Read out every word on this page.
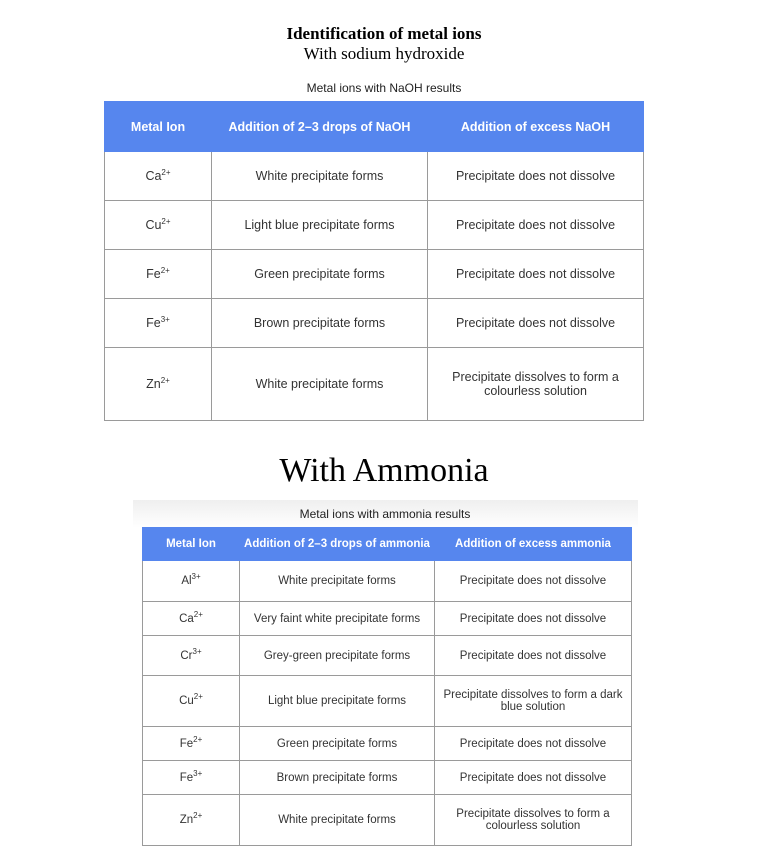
Identification of metal ions
With sodium hydroxide
Metal ions with NaOH results
Metal Ion	Addition of 2–3 drops of NaOH	Addition of excess NaOH
$Ca^{2+}$	White precipitate forms	Precipitate does not dissolve
$Cu^{2+}$	Light blue precipitate forms	Precipitate does not dissolve
$Fe^{2+}$	Green precipitate forms	Precipitate does not dissolve
$Fe^{3+}$	Brown precipitate forms	Precipitate does not dissolve
$Zn^{2+}$	White precipitate forms	Precipitate dissolves to form a colourless solution
With Ammonia
Metal ions with ammonia results
Metal Ion	Addition of 2–3 drops of ammonia	Addition of excess ammonia
$Al^{3+}$	White precipitate forms	Precipitate does not dissolve
$Ca^{2+}$	Very faint white precipitate forms	Precipitate does not dissolve
$Cr^{3+}$	Grey-green precipitate forms	Precipitate does not dissolve
$Cu^{2+}$	Light blue precipitate forms	Precipitate dissolves to form a dark blue solution
$Fe^{2+}$	Green precipitate forms	Precipitate does not dissolve
$Fe^{3+}$	Brown precipitate forms	Precipitate does not dissolve
$Zn^{2+}$	White precipitate forms	Precipitate dissolves to form a colourless solution
